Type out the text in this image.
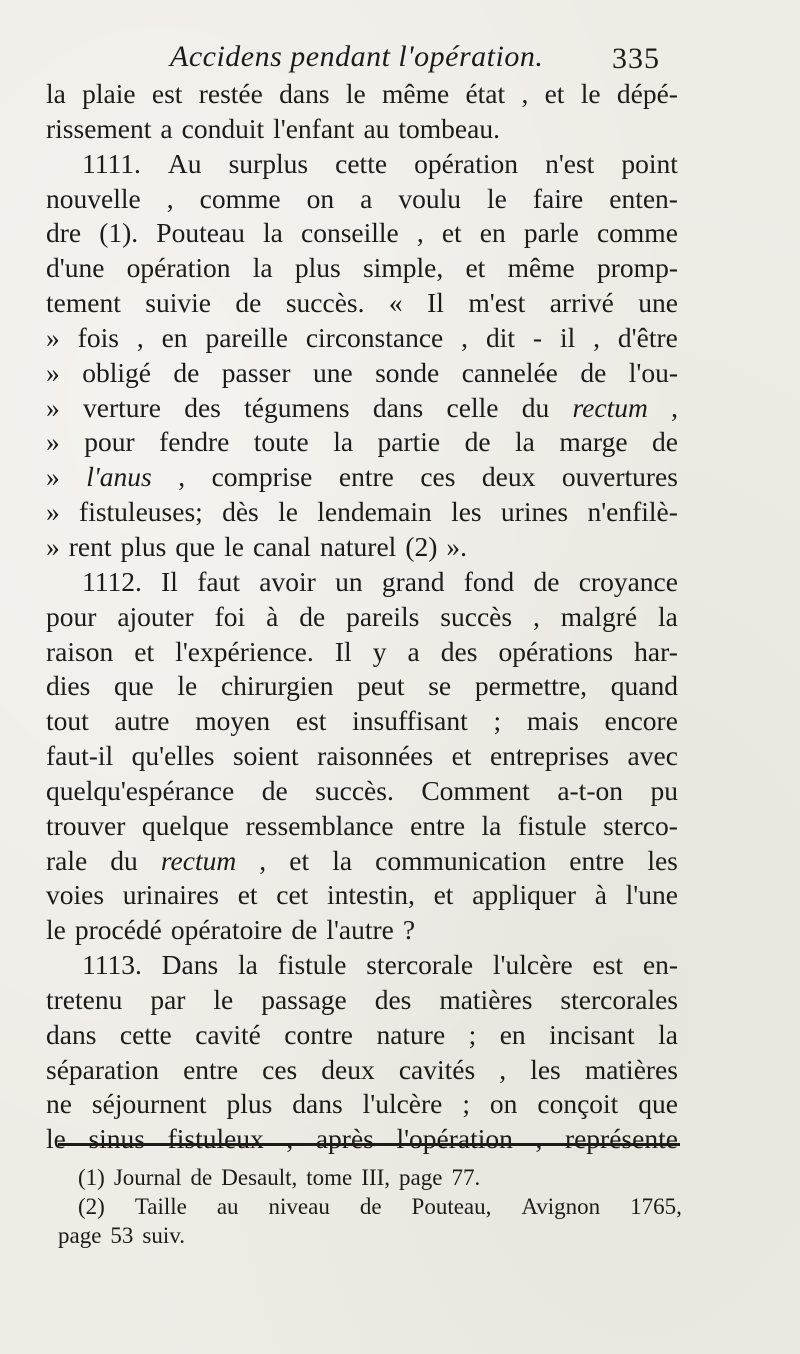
Accidens pendant l'opération. 335
la plaie est restée dans le même état , et le dépé-
rissement a conduit l'enfant au tombeau.
1111. Au surplus cette opération n'est point
nouvelle , comme on a voulu le faire enten-
dre (1). Pouteau la conseille , et en parle comme
d'une opération la plus simple, et même promp-
tement suivie de succès. « Il m'est arrivé une
» fois , en pareille circonstance , dit - il , d'être
» obligé de passer une sonde cannelée de l'ou-
» verture des tégumens dans celle du rectum ,
» pour fendre toute la partie de la marge de
» l'anus , comprise entre ces deux ouvertures
» fistuleuses; dès le lendemain les urines n'enfilè-
» rent plus que le canal naturel (2) ».
1112. Il faut avoir un grand fond de croyance
pour ajouter foi à de pareils succès , malgré la
raison et l'expérience. Il y a des opérations har-
dies que le chirurgien peut se permettre, quand
tout autre moyen est insuffisant ; mais encore
faut-il qu'elles soient raisonnées et entreprises avec
quelqu'espérance de succès. Comment a-t-on pu
trouver quelque ressemblance entre la fistule sterco-
rale du rectum , et la communication entre les
voies urinaires et cet intestin, et appliquer à l'une
le procédé opératoire de l'autre ?
1113. Dans la fistule stercorale l'ulcère est en-
tretenu par le passage des matières stercorales
dans cette cavité contre nature ; en incisant la
séparation entre ces deux cavités , les matières
ne séjournent plus dans l'ulcère ; on conçoit que
le sinus fistuleux , après l'opération , représente
(1) Journal de Desault, tome III, page 77.
(2) Taille au niveau de Pouteau, Avignon 1765,
page 53 suiv.
